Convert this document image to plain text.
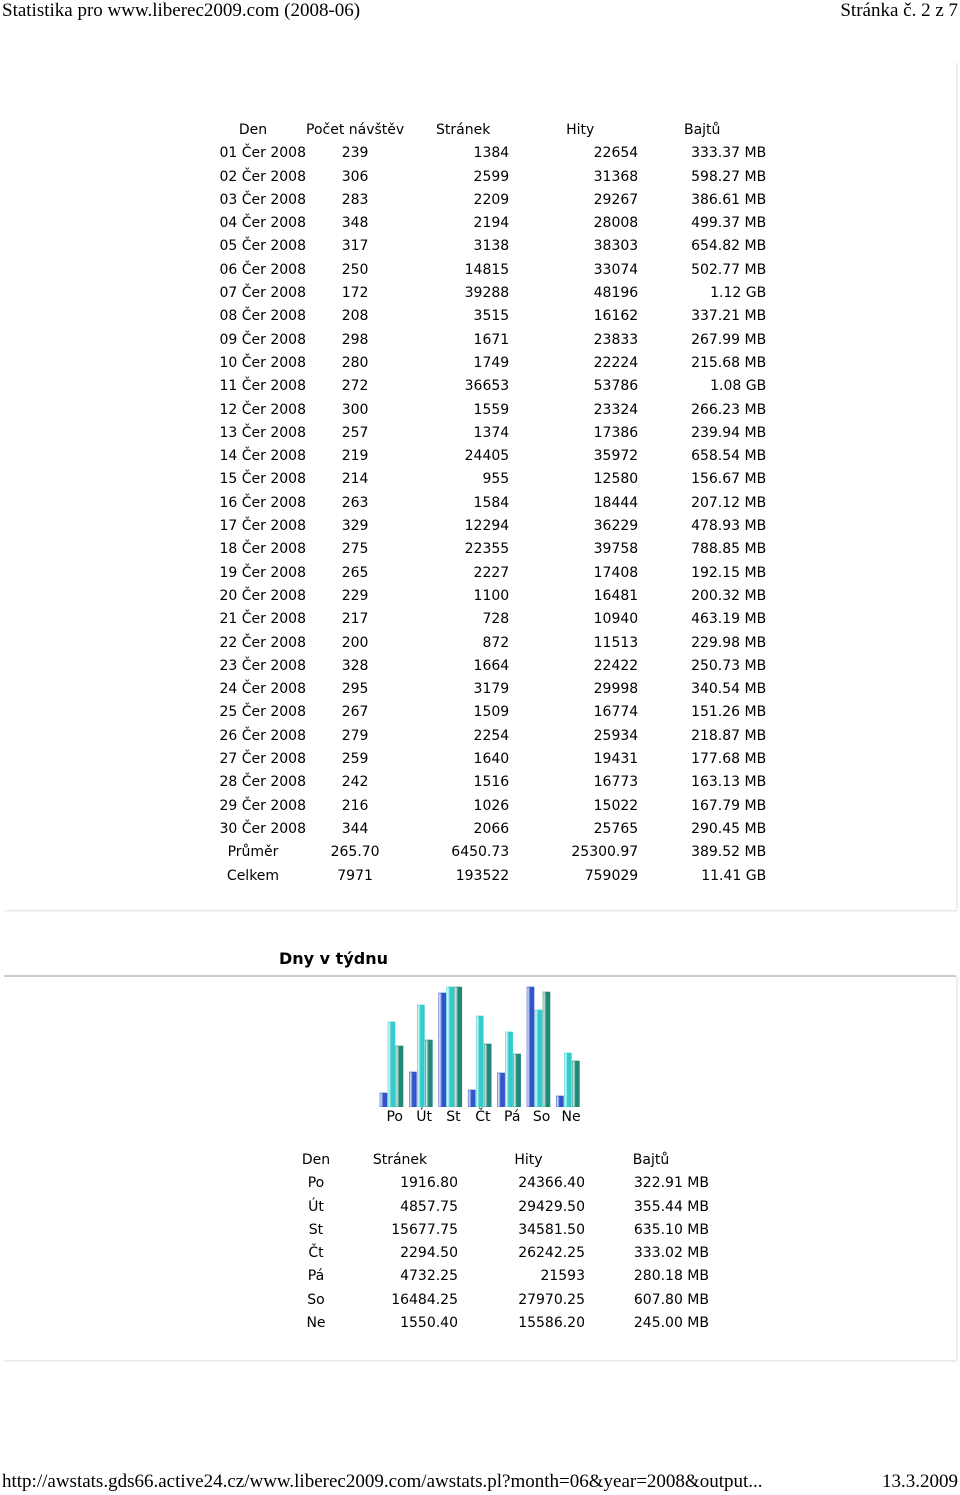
Statistika pro www.liberec2009.com (2008-06)	Stránka č. 2 z 7
Den	Počet návštěv	Stránek	Hity	Bajtů
01 Čer 2008	239	1384	22654	333.37 MB
02 Čer 2008	306	2599	31368	598.27 MB
03 Čer 2008	283	2209	29267	386.61 MB
04 Čer 2008	348	2194	28008	499.37 MB
05 Čer 2008	317	3138	38303	654.82 MB
06 Čer 2008	250	14815	33074	502.77 MB
07 Čer 2008	172	39288	48196	1.12 GB
08 Čer 2008	208	3515	16162	337.21 MB
09 Čer 2008	298	1671	23833	267.99 MB
10 Čer 2008	280	1749	22224	215.68 MB
11 Čer 2008	272	36653	53786	1.08 GB
12 Čer 2008	300	1559	23324	266.23 MB
13 Čer 2008	257	1374	17386	239.94 MB
14 Čer 2008	219	24405	35972	658.54 MB
15 Čer 2008	214	955	12580	156.67 MB
16 Čer 2008	263	1584	18444	207.12 MB
17 Čer 2008	329	12294	36229	478.93 MB
18 Čer 2008	275	22355	39758	788.85 MB
19 Čer 2008	265	2227	17408	192.15 MB
20 Čer 2008	229	1100	16481	200.32 MB
21 Čer 2008	217	728	10940	463.19 MB
22 Čer 2008	200	872	11513	229.98 MB
23 Čer 2008	328	1664	22422	250.73 MB
24 Čer 2008	295	3179	29998	340.54 MB
25 Čer 2008	267	1509	16774	151.26 MB
26 Čer 2008	279	2254	25934	218.87 MB
27 Čer 2008	259	1640	19431	177.68 MB
28 Čer 2008	242	1516	16773	163.13 MB
29 Čer 2008	216	1026	15022	167.79 MB
30 Čer 2008	344	2066	25765	290.45 MB
Průměr	265.70	6450.73	25300.97	389.52 MB
Celkem	7971	193522	759029	11.41 GB
Dny v týdnu
Po Út St Čt Pá So Ne
Den	Stránek	Hity	Bajtů
Po	1916.80	24366.40	322.91 MB
Út	4857.75	29429.50	355.44 MB
St	15677.75	34581.50	635.10 MB
Čt	2294.50	26242.25	333.02 MB
Pá	4732.25	21593	280.18 MB
So	16484.25	27970.25	607.80 MB
Ne	1550.40	15586.20	245.00 MB
http://awstats.gds66.active24.cz/www.liberec2009.com/awstats.pl?month=06&year=2008&output...	13.3.2009
